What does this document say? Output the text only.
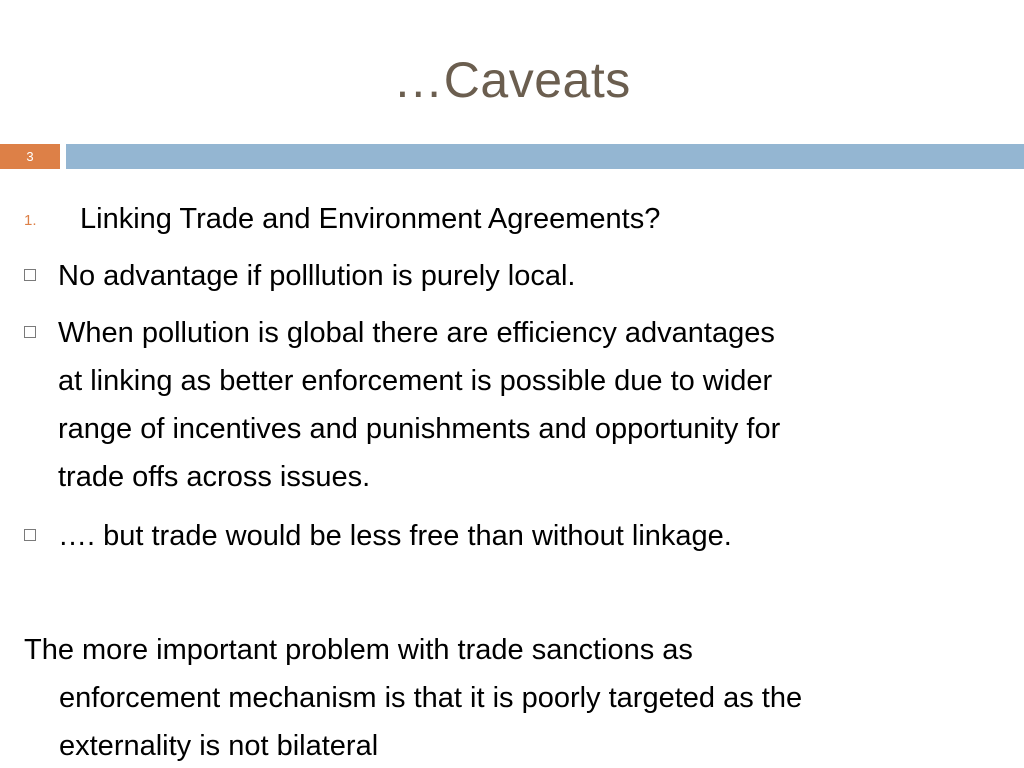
…Caveats
3
1. Linking Trade and Environment Agreements?
No advantage if polllution is purely local.
When pollution is global there are efficiency advantages
at linking as better enforcement is possible due to wider
range of incentives and punishments and opportunity for
trade offs across issues.
…. but trade would be less free than without linkage.
The more important problem with trade sanctions as
enforcement mechanism is that it is poorly targeted as the
externality is not bilateral
